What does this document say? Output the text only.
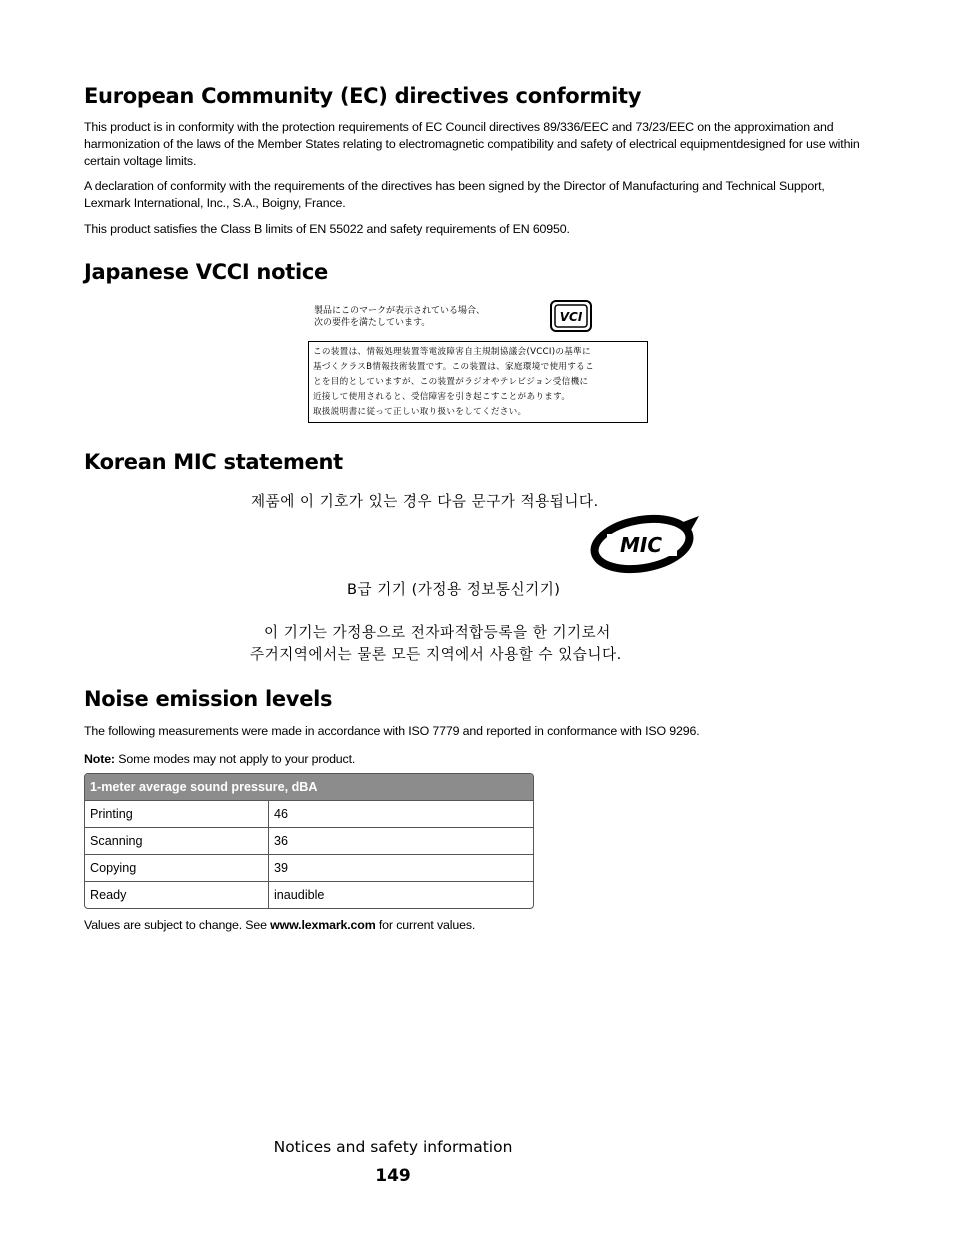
European Community (EC) directives conformity

This product is in conformity with the protection requirements of EC Council directives 89/336/EEC and 73/23/EEC on the approximation and harmonization of the laws of the Member States relating to electromagnetic compatibility and safety of electrical equipmentdesigned for use within certain voltage limits.

A declaration of conformity with the requirements of the directives has been signed by the Director of Manufacturing and Technical Support, Lexmark International, Inc., S.A., Boigny, France.

This product satisfies the Class B limits of EN 55022 and safety requirements of EN 60950.

Japanese VCCI notice
製品にこのマークが表示されている場合、
次の要件を満たしています。	VCI
この装置は、情報処理装置等電波障害自主規制協議会(VCCI)の基準に
基づくクラスB情報技術装置です。この装置は、家庭環境で使用するこ
とを目的としていますが、この装置がラジオやテレビジョン受信機に
近接して使用されると、受信障害を引き起こすことがあります。
取扱説明書に従って正しい取り扱いをしてください。
Korean MIC statement
제품에 이 기호가 있는 경우 다음 문구가 적용됩니다.
MIC
B급 기기 (가정용 정보통신기기)
이 기기는 가정용으로 전자파적합등록을 한 기기로서
주거지역에서는 물론 모든 지역에서 사용할 수 있습니다.
Noise emission levels

The following measurements were made in accordance with ISO 7779 and reported in conformance with ISO 9296.

Note: Some modes may not apply to your product.

1-meter average sound pressure, dBA	
Printing	46
Scanning	36
Copying	39
Ready	inaudible

Values are subject to change. See www.lexmark.com for current values.

Notices and safety information
149
